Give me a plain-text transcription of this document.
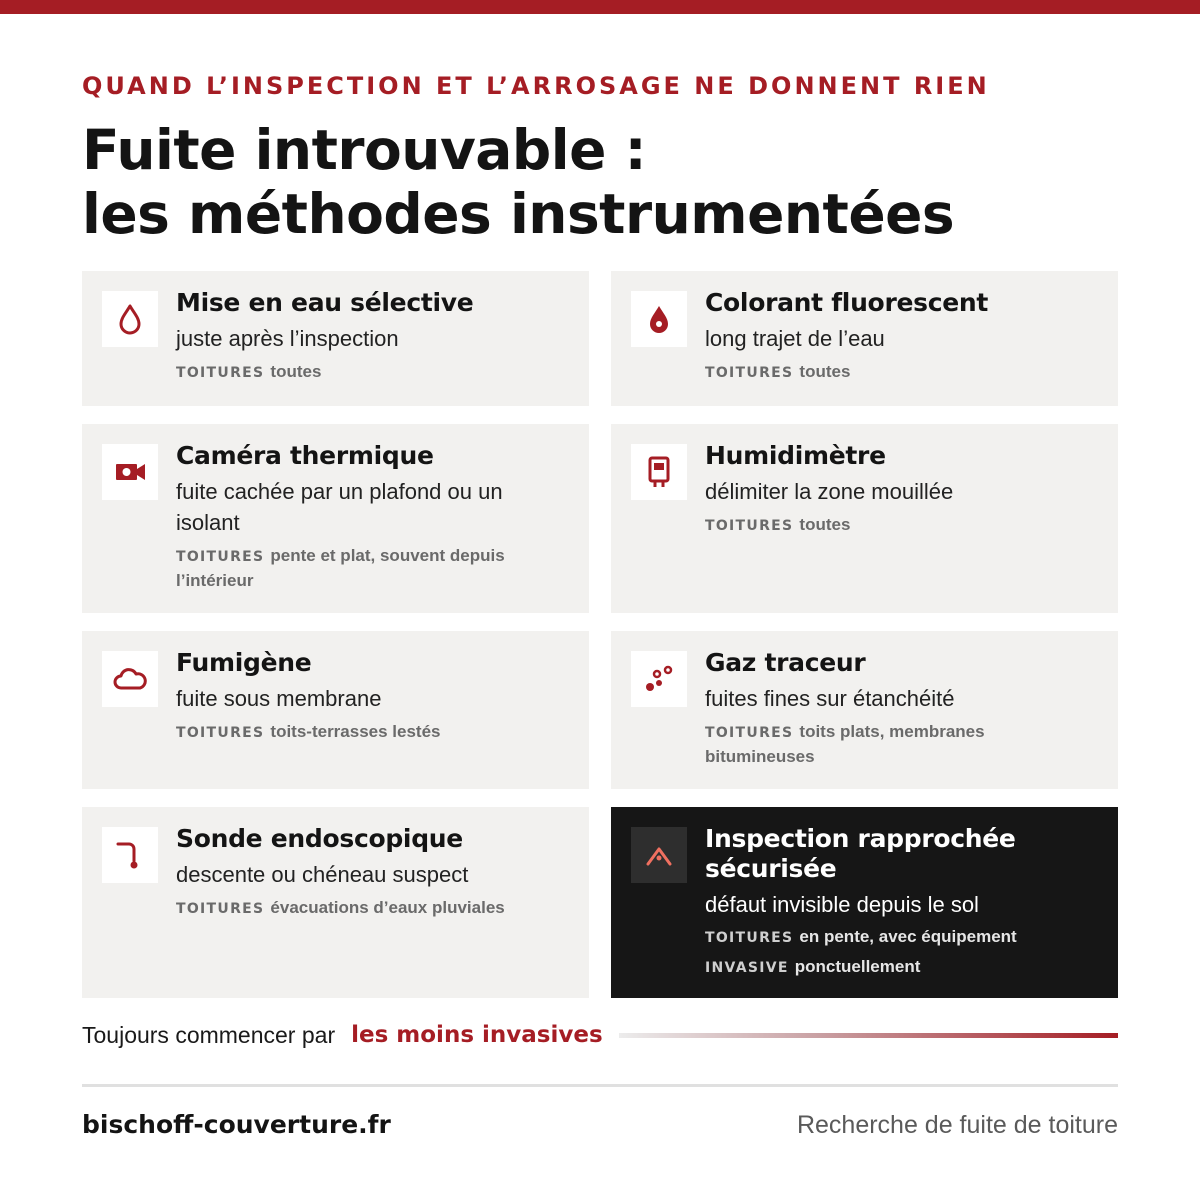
QUAND L’INSPECTION ET L’ARROSAGE NE DONNENT RIEN
Fuite introuvable :
les méthodes instrumentées
Mise en eau sélective
juste après l’inspection
TOITURES toutes
Colorant fluorescent
long trajet de l’eau
TOITURES toutes
Caméra thermique
fuite cachée par un plafond ou un isolant
TOITURES pente et plat, souvent depuis l’intérieur
Humidimètre
délimiter la zone mouillée
TOITURES toutes
Fumigène
fuite sous membrane
TOITURES toits-terrasses lestés
Gaz traceur
fuites fines sur étanchéité
TOITURES toits plats, membranes bitumineuses
Sonde endoscopique
descente ou chéneau suspect
TOITURES évacuations d’eaux pluviales
Inspection rapprochée sécurisée
défaut invisible depuis le sol
TOITURES en pente, avec équipement
INVASIVE ponctuellement
Toujours commencer par les moins invasives
bischoff-couverture.fr	Recherche de fuite de toiture
